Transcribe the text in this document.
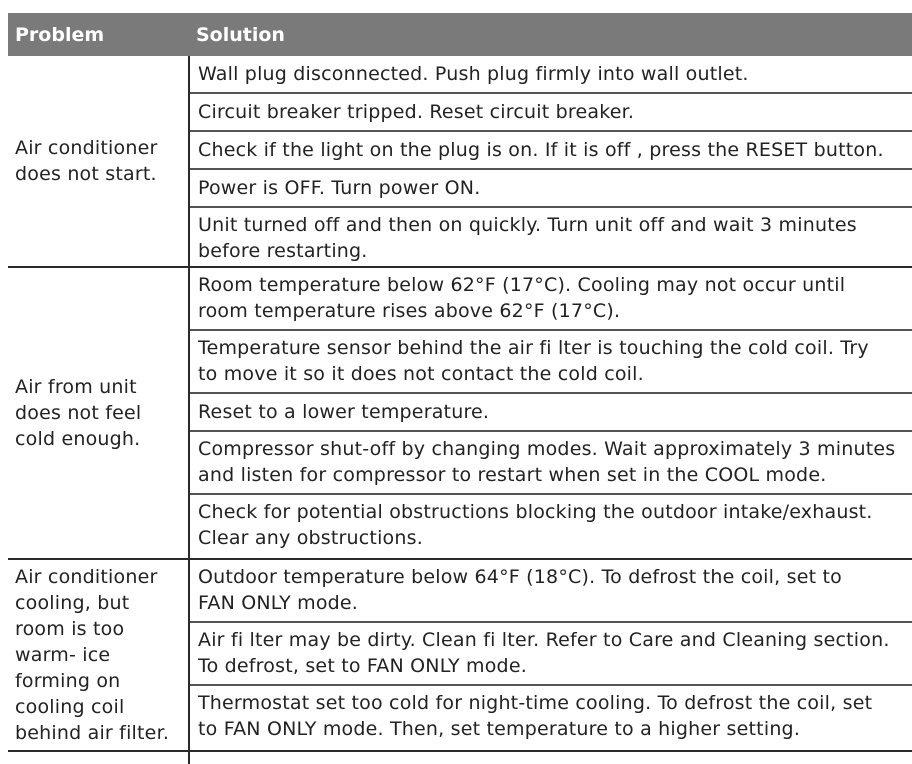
Problem	Solution
Air conditioner does not start.
Wall plug disconnected. Push plug firmly into wall outlet.
Circuit breaker tripped. Reset circuit breaker.
Check if the light on the plug is on. If it is off , press the RESET button.
Power is OFF. Turn power ON.
Unit turned off and then on quickly. Turn unit off and wait 3 minutes
before restarting.
Air from unit does not feel cold enough.
Room temperature below 62°F (17°C). Cooling may not occur until
room temperature rises above 62°F (17°C).
Temperature sensor behind the air fi lter is touching the cold coil. Try
to move it so it does not contact the cold coil.
Reset to a lower temperature.
Compressor shut-off by changing modes. Wait approximately 3 minutes
and listen for compressor to restart when set in the COOL mode.
Check for potential obstructions blocking the outdoor intake/exhaust.
Clear any obstructions.
Air conditioner cooling, but room is too warm- ice forming on cooling coil behind air filter.
Outdoor temperature below 64°F (18°C). To defrost the coil, set to
FAN ONLY mode.
Air fi lter may be dirty. Clean fi lter. Refer to Care and Cleaning section.
To defrost, set to FAN ONLY mode.
Thermostat set too cold for night-time cooling. To defrost the coil, set
to FAN ONLY mode. Then, set temperature to a higher setting.
